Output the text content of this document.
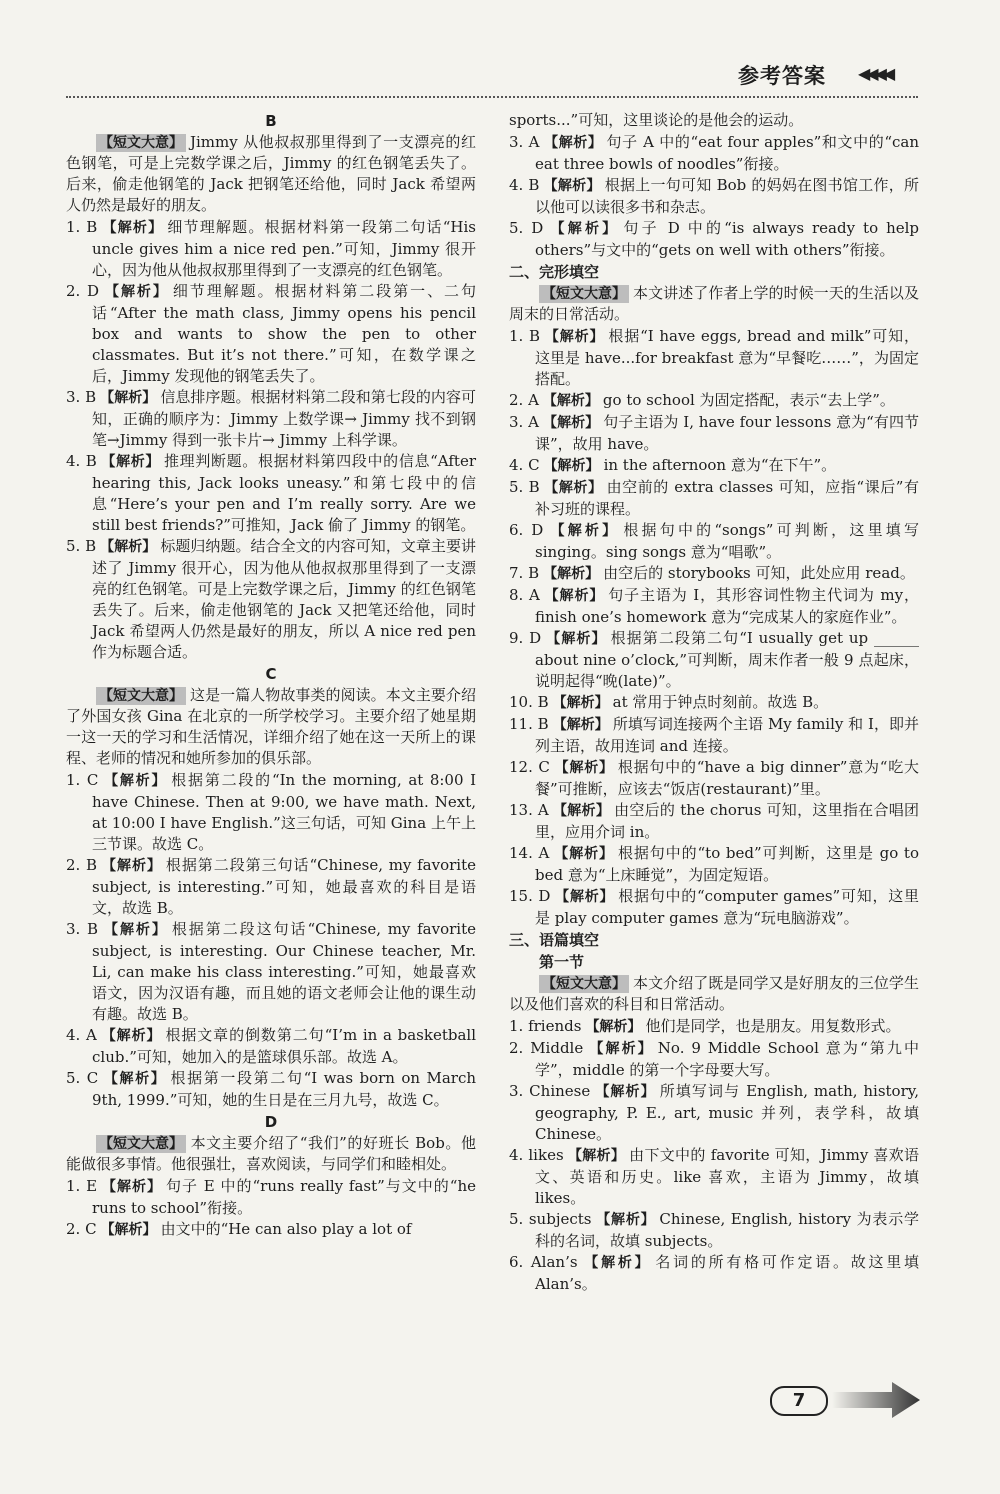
参考答案 ◀◀◀◀
B

【短文大意】 Jimmy 从他叔叔那里得到了一支漂亮的红色钢笔，可是上完数学课之后，Jimmy 的红色钢笔丢失了。后来，偷走他钢笔的 Jack 把钢笔还给他，同时 Jack 希望两人仍然是最好的朋友。

1. B 【解析】 细节理解题。根据材料第一段第二句话“His uncle gives him a nice red pen.”可知，Jimmy 很开心，因为他从他叔叔那里得到了一支漂亮的红色钢笔。

2. D 【解析】 细节理解题。根据材料第二段第一、二句话“After the math class, Jimmy opens his pencil box and wants to show the pen to other classmates. But it’s not there.”可知，在数学课之后，Jimmy 发现他的钢笔丢失了。

3. B 【解析】 信息排序题。根据材料第二段和第七段的内容可知，正确的顺序为：Jimmy 上数学课→ Jimmy 找不到钢笔→Jimmy 得到一张卡片→ Jimmy 上科学课。

4. B 【解析】 推理判断题。根据材料第四段中的信息“After hearing this, Jack looks uneasy.”和第七段中的信息“Here’s your pen and I’m really sorry. Are we still best friends?”可推知，Jack 偷了 Jimmy 的钢笔。

5. B 【解析】 标题归纳题。结合全文的内容可知，文章主要讲述了 Jimmy 很开心，因为他从他叔叔那里得到了一支漂亮的红色钢笔。可是上完数学课之后，Jimmy 的红色钢笔丢失了。后来，偷走他钢笔的 Jack 又把笔还给他，同时 Jack 希望两人仍然是最好的朋友，所以 A nice red pen 作为标题合适。

C

【短文大意】 这是一篇人物故事类的阅读。本文主要介绍了外国女孩 Gina 在北京的一所学校学习。主要介绍了她星期一这一天的学习和生活情况，详细介绍了她在这一天所上的课程、老师的情况和她所参加的俱乐部。

1. C 【解析】 根据第二段的“In the morning, at 8:00 I have Chinese. Then at 9:00, we have math. Next, at 10:00 I have English.”这三句话，可知 Gina 上午上三节课。故选 C。

2. B 【解析】 根据第二段第三句话“Chinese, my favorite subject, is interesting.”可知，她最喜欢的科目是语文，故选 B。

3. B 【解析】 根据第二段这句话“Chinese, my favorite subject, is interesting. Our Chinese teacher, Mr. Li, can make his class interesting.”可知，她最喜欢语文，因为汉语有趣，而且她的语文老师会让他的课生动有趣。故选 B。

4. A 【解析】 根据文章的倒数第二句“I’m in a basketball club.”可知，她加入的是篮球俱乐部。故选 A。

5. C 【解析】 根据第一段第二句“I was born on March 9th, 1999.”可知，她的生日是在三月九号，故选 C。

D

【短文大意】 本文主要介绍了“我们”的好班长 Bob。他能做很多事情。他很强壮，喜欢阅读，与同学们和睦相处。

1. E 【解析】 句子 E 中的“runs really fast”与文中的“he runs to school”衔接。

2. C 【解析】 由文中的“He can also play a lot of

sports...”可知，这里谈论的是他会的运动。

3. A 【解析】 句子 A 中的“eat four apples”和文中的“can eat three bowls of noodles”衔接。

4. B 【解析】 根据上一句可知 Bob 的妈妈在图书馆工作，所以他可以读很多书和杂志。

5. D 【解析】 句子 D 中的“is always ready to help others”与文中的“gets on well with others”衔接。

二、完形填空

【短文大意】 本文讲述了作者上学的时候一天的生活以及周末的日常活动。

1. B 【解析】 根据“I have eggs, bread and milk”可知，这里是 have...for breakfast 意为“早餐吃……”，为固定搭配。

2. A 【解析】 go to school 为固定搭配，表示“去上学”。

3. A 【解析】 句子主语为 I, have four lessons 意为“有四节课”，故用 have。

4. C 【解析】 in the afternoon 意为“在下午”。

5. B 【解析】 由空前的 extra classes 可知，应指“课后”有补习班的课程。

6. D 【解析】 根据句中的“songs”可判断，这里填写 singing。sing songs 意为“唱歌”。

7. B 【解析】 由空后的 storybooks 可知，此处应用 read。

8. A 【解析】 句子主语为 I，其形容词性物主代词为 my，finish one’s homework 意为“完成某人的家庭作业”。

9. D 【解析】 根据第二段第二句“I usually get up ______ about nine o’clock,”可判断，周末作者一般 9 点起床，说明起得“晚(late)”。

10. B 【解析】 at 常用于钟点时刻前。故选 B。

11. B 【解析】 所填写词连接两个主语 My family 和 I，即并列主语，故用连词 and 连接。

12. C 【解析】 根据句中的“have a big dinner”意为“吃大餐”可推断，应该去“饭店(restaurant)”里。

13. A 【解析】 由空后的 the chorus 可知，这里指在合唱团里，应用介词 in。

14. A 【解析】 根据句中的“to bed”可判断，这里是 go to bed 意为“上床睡觉”，为固定短语。

15. D 【解析】 根据句中的“computer games”可知，这里是 play computer games 意为“玩电脑游戏”。

三、语篇填空
第一节

【短文大意】 本文介绍了既是同学又是好朋友的三位学生以及他们喜欢的科目和日常活动。

1. friends 【解析】 他们是同学，也是朋友。用复数形式。

2. Middle 【解析】 No. 9 Middle School 意为“第九中学”，middle 的第一个字母要大写。

3. Chinese 【解析】 所填写词与 English, math, history, geography, P. E., art, music 并列，表学科，故填 Chinese。

4. likes 【解析】 由下文中的 favorite 可知，Jimmy 喜欢语文、英语和历史。like 喜欢，主语为 Jimmy，故填 likes。

5. subjects 【解析】 Chinese, English, history 为表示学科的名词，故填 subjects。

6. Alan’s 【解析】 名词的所有格可作定语。故这里填 Alan’s。

7
